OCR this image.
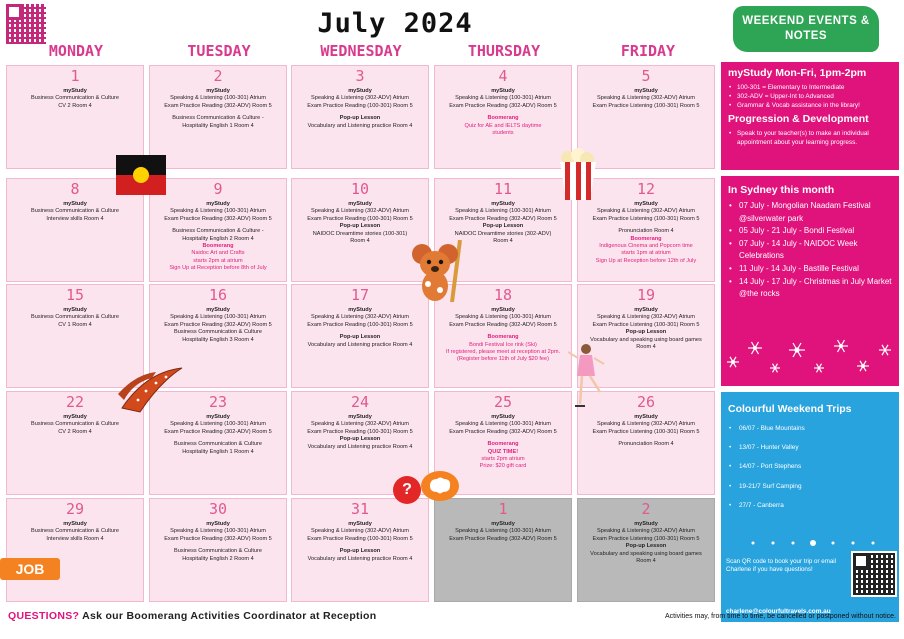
July 2024
MONDAY	TUESDAY	WEDNESDAY	THURSDAY	FRIDAY
WEEKEND EVENTS & NOTES
1
myStudy
Business Communication & Culture
CV 2 Room 4
2
myStudy
Speaking & Listening (100-301) Atrium
Exam Practice Reading (302-ADV) Room 5
Business Communication & Culture -
Hospitality English 1 Room 4
3
myStudy
Speaking & Listening (302-ADV) Atrium
Exam Practice Reading (100-301) Room 5
Pop-up Lesson
Vocabulary and Listening practice Room 4
4
myStudy
Speaking & Listening (100-301) Atrium
Exam Practice Reading (302-ADV) Room 5
Boomerang
Quiz for AE and IELTS daytime
students
5
myStudy
Speaking & Listening (302-ADV) Atrium
Exam Practice Listening (100-301) Room 5
8
myStudy
Business Communication & Culture
Interview skills Room 4
9
myStudy
Speaking & Listening (100-301) Atrium
Exam Practice Reading (302-ADV) Room 5
Business Communication & Culture -
Hospitality English 2 Room 4
Boomerang
Naidoc Art and Crafts
starts 2pm at atrium
Sign Up at Reception before 8th of July
10
myStudy
Speaking & Listening (302-ADV) Atrium
Exam Practice Reading (100-301) Room 5
Pop-up Lesson
NAIDOC Dreamtime stories (100-301)
Room 4
11
myStudy
Speaking & Listening (100-301) Atrium
Exam Practice Reading (302-ADV) Room 5
Pop-up Lesson
NAIDOC Dreamtime stories (302-ADV)
Room 4
12
myStudy
Speaking & Listening (302-ADV) Atrium
Exam Practice Listening (100-301) Room 5
Pronunciation Room 4
Boomerang
Indigenous Cinema and Popcorn time
starts 1pm at atrium
Sign Up at Reception before 12th of July
15
myStudy
Business Communication & Culture
CV 1 Room 4
16
myStudy
Speaking & Listening (100-301) Atrium
Exam Practice Reading (302-ADV) Room 5
Business Communication & Culture
Hospitality English 3 Room 4
17
myStudy
Speaking & Listening (302-ADV) Atrium
Exam Practice Reading (100-301) Room 5
Pop-up Lesson
Vocabulary and Listening practice Room 4
18
myStudy
Speaking & Listening (100-301) Atrium
Exam Practice Reading (302-ADV) Room 5
Boomerang
Bondi Festival Ice rink (Ski)
If registered, please meet at reception at 2pm.
(Register before 11th of July $20 fee)
19
myStudy
Speaking & Listening (302-ADV) Atrium
Exam Practice Listening (100-301) Room 5
Pop-up Lesson
Vocabulary and speaking using board games
Room 4
22
myStudy
Business Communication & Culture
CV 2 Room 4
23
myStudy
Speaking & Listening (100-301) Atrium
Exam Practice Reading (302-ADV) Room 5
Business Communication & Culture
Hospitality English 1 Room 4
24
myStudy
Speaking & Listening (302-ADV) Atrium
Exam Practice Reading (100-301) Room 5
Pop-up Lesson
Vocabulary and Listening practice Room 4
25
myStudy
Speaking & Listening (100-301) Atrium
Exam Practice Reading (302-ADV) Room 5
Boomerang
QUIZ TIME!
starts 2pm atrium
Prize: $20 gift card
26
myStudy
Speaking & Listening (302-ADV) Atrium
Exam Practice Listening (100-301) Room 5
Pronunciation Room 4
29
myStudy
Business Communication & Culture
Interview skills Room 4
30
myStudy
Speaking & Listening (100-301) Atrium
Exam Practice Reading (302-ADV) Room 5
Business Communication & Culture
Hospitality English 2 Room 4
31
myStudy
Speaking & Listening (302-ADV) Atrium
Exam Practice Reading (100-301) Room 5
Pop-up Lesson
Vocabulary and Listening practice Room 4
1
myStudy
Speaking & Listening (100-301) Atrium
Exam Practice Reading (302-ADV) Room 5
2
myStudy
Speaking & Listening (302-ADV) Atrium
Exam Practice Listening (100-301) Room 5
Pop-up Lesson
Vocabulary and speaking using board games
Room 4
myStudy Mon-Fri, 1pm-2pm
• 100-301 = Elementary to Intermediate
• 302-ADV = Upper-Int to Advanced
• Grammar & Vocab assistance in the library!
Progression & Development
• Speak to your teacher(s) to make an individual appointment about your learning progress.
In Sydney this month
• 07 July - Mongolian Naadam Festival @silverwater park
• 05 July - 21 July - Bondi Festival
• 07 July - 14 July - NAIDOC Week Celebrations
• 11 July - 14 July - Bastille Festival
• 14 July - 17 July - Christmas in July Market @the rocks
Colourful Weekend Trips
• 06/07 - Blue Mountains
• 13/07 - Hunter Valley
• 14/07 - Port Stephens
• 19-21/7 Surf Camping
• 27/7 - Canberra
Scan QR code to book your trip or email Charlene if you have questions!
charlene@colourfultravels.com.au
?
JOB
QUESTIONS? Ask our Boomerang Activities Coordinator at Reception	Activities may, from time to time, be cancelled or postponed without notice.
